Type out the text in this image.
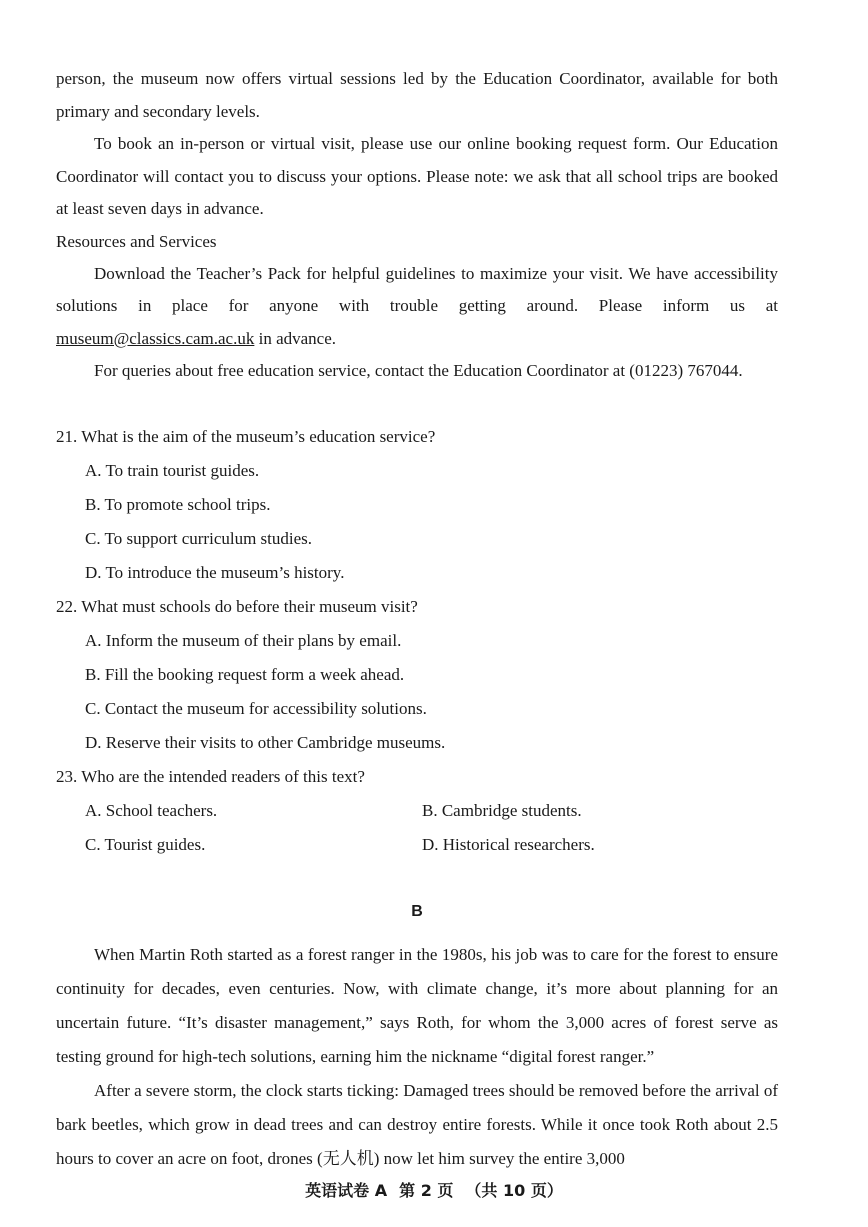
person, the museum now offers virtual sessions led by the Education Coordinator, available for both primary and secondary levels.

To book an in-person or virtual visit, please use our online booking request form. Our Education Coordinator will contact you to discuss your options. Please note: we ask that all school trips are booked at least seven days in advance.

Resources and Services

Download the Teacher’s Pack for helpful guidelines to maximize your visit. We have accessibility solutions in place for anyone with trouble getting around. Please inform us at museum@classics.cam.ac.uk in advance.

For queries about free education service, contact the Education Coordinator at (01223) 767044.

21. What is the aim of the museum’s education service?
A. To train tourist guides.
B. To promote school trips.
C. To support curriculum studies.
D. To introduce the museum’s history.
22. What must schools do before their museum visit?
A. Inform the museum of their plans by email.
B. Fill the booking request form a week ahead.
C. Contact the museum for accessibility solutions.
D. Reserve their visits to other Cambridge museums.
23. Who are the intended readers of this text?
A. School teachers.	B. Cambridge students.
C. Tourist guides.	D. Historical researchers.
B

When Martin Roth started as a forest ranger in the 1980s, his job was to care for the forest to ensure continuity for decades, even centuries. Now, with climate change, it’s more about planning for an uncertain future. “It’s disaster management,” says Roth, for whom the 3,000 acres of forest serve as testing ground for high-tech solutions, earning him the nickname “digital forest ranger.”

After a severe storm, the clock starts ticking: Damaged trees should be removed before the arrival of bark beetles, which grow in dead trees and can destroy entire forests. While it once took Roth about 2.5 hours to cover an acre on foot, drones (无人机) now let him survey the entire 3,000

英语试卷 A 第 2 页 （共 10 页）
